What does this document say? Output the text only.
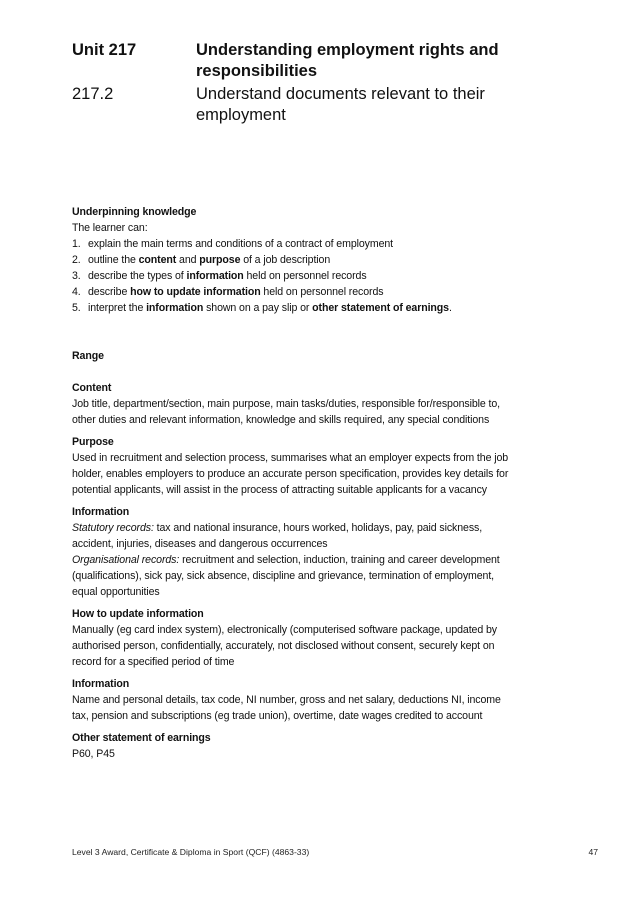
Unit 217	Understanding employment rights and responsibilities
217.2	Understand documents relevant to their employment

Underpinning knowledge

The learner can:

1. explain the main terms and conditions of a contract of employment
2. outline the content and purpose of a job description
3. describe the types of information held on personnel records
4. describe how to update information held on personnel records
5. interpret the information shown on a pay slip or other statement of earnings.

Range

Content

Job title, department/section, main purpose, main tasks/duties, responsible for/responsible to,

other duties and relevant information, knowledge and skills required, any special conditions

Purpose

Used in recruitment and selection process, summarises what an employer expects from the job

holder, enables employers to produce an accurate person specification, provides key details for

potential applicants, will assist in the process of attracting suitable applicants for a vacancy

Information

Statutory records: tax and national insurance, hours worked, holidays, pay, paid sickness,

accident, injuries, diseases and dangerous occurrences

Organisational records: recruitment and selection, induction, training and career development

(qualifications), sick pay, sick absence, discipline and grievance, termination of employment,

equal opportunities

How to update information

Manually (eg card index system), electronically (computerised software package, updated by

authorised person, confidentially, accurately, not disclosed without consent, securely kept on

record for a specified period of time

Information

Name and personal details, tax code, NI number, gross and net salary, deductions NI, income

tax, pension and subscriptions (eg trade union), overtime, date wages credited to account

Other statement of earnings

P60, P45

Level 3 Award, Certificate & Diploma in Sport (QCF) (4863-33)	47
